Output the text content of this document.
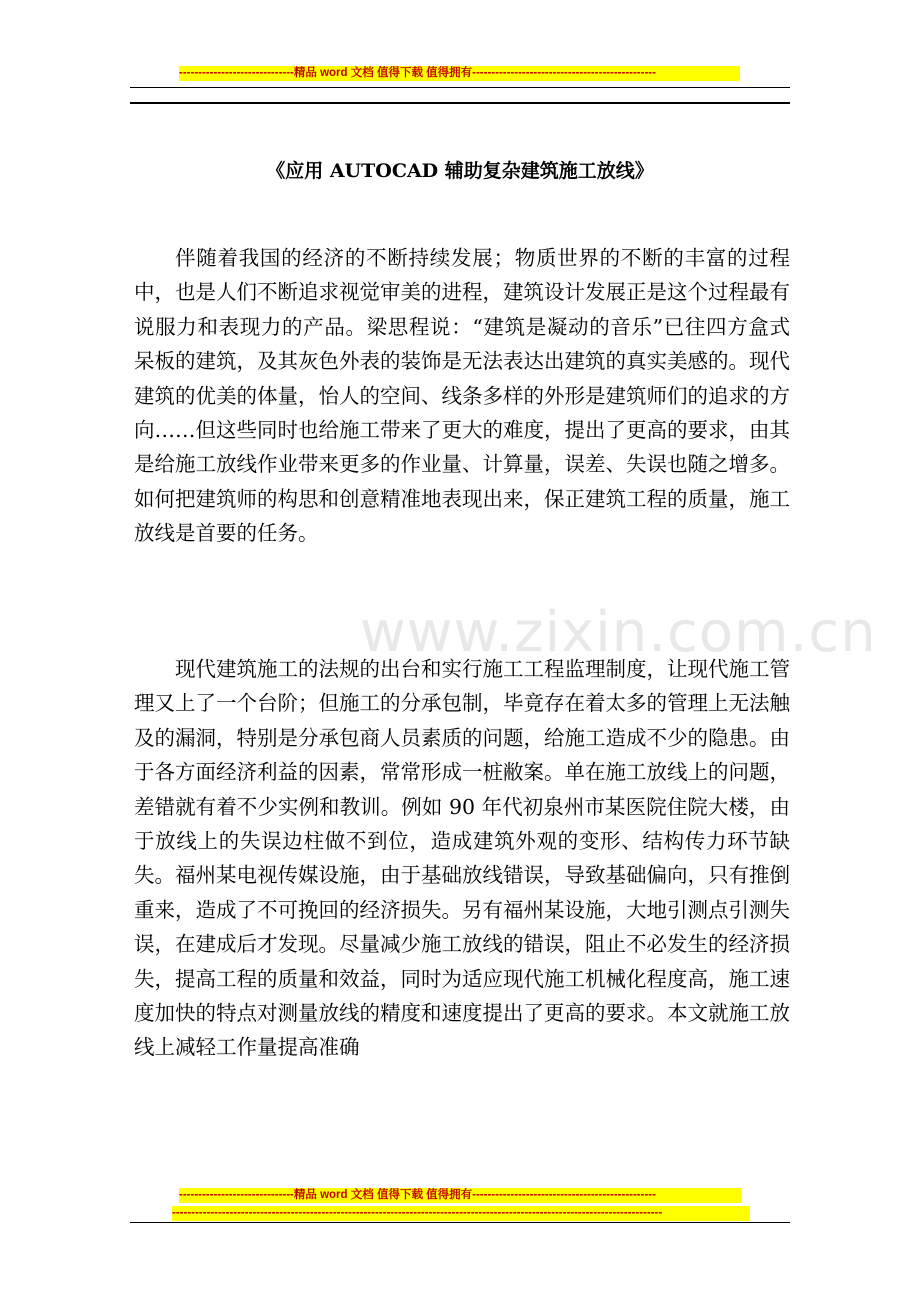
------------------------------精品 word 文档 值得下载 值得拥有------------------------------------------------
《应用 AUTOCAD 辅助复杂建筑施工放线》

伴随着我国的经济的不断持续发展；物质世界的不断的丰富的过程中，也是人们不断追求视觉审美的进程，建筑设计发展正是这个过程最有说服力和表现力的产品。梁思程说：“建筑是凝动的音乐”已往四方盒式呆板的建筑，及其灰色外表的装饰是无法表达出建筑的真实美感的。现代建筑的优美的体量，怡人的空间、线条多样的外形是建筑师们的追求的方向……但这些同时也给施工带来了更大的难度，提出了更高的要求，由其是给施工放线作业带来更多的作业量、计算量，误差、失误也随之增多。如何把建筑师的构思和创意精准地表现出来，保正建筑工程的质量，施工放线是首要的任务。

现代建筑施工的法规的出台和实行施工工程监理制度，让现代施工管理又上了一个台阶；但施工的分承包制，毕竟存在着太多的管理上无法触及的漏洞，特别是分承包商人员素质的问题，给施工造成不少的隐患。由于各方面经济利益的因素，常常形成一桩敝案。单在施工放线上的问题，差错就有着不少实例和教训。例如 90 年代初泉州市某医院住院大楼，由于放线上的失误边柱做不到位，造成建筑外观的变形、结构传力环节缺失。福州某电视传媒设施，由于基础放线错误，导致基础偏向，只有推倒重来，造成了不可挽回的经济损失。另有福州某设施，大地引测点引测失误，在建成后才发现。尽量减少施工放线的错误，阻止不必发生的经济损失，提高工程的质量和效益，同时为适应现代施工机械化程度高，施工速度加快的特点对测量放线的精度和速度提出了更高的要求。本文就施工放线上减轻工作量提高准确

www.zixin.com.cn
------------------------------精品 word 文档 值得下载 值得拥有------------------------------------------------
--------------------------------------------------------------------------------------------------------------------------------
